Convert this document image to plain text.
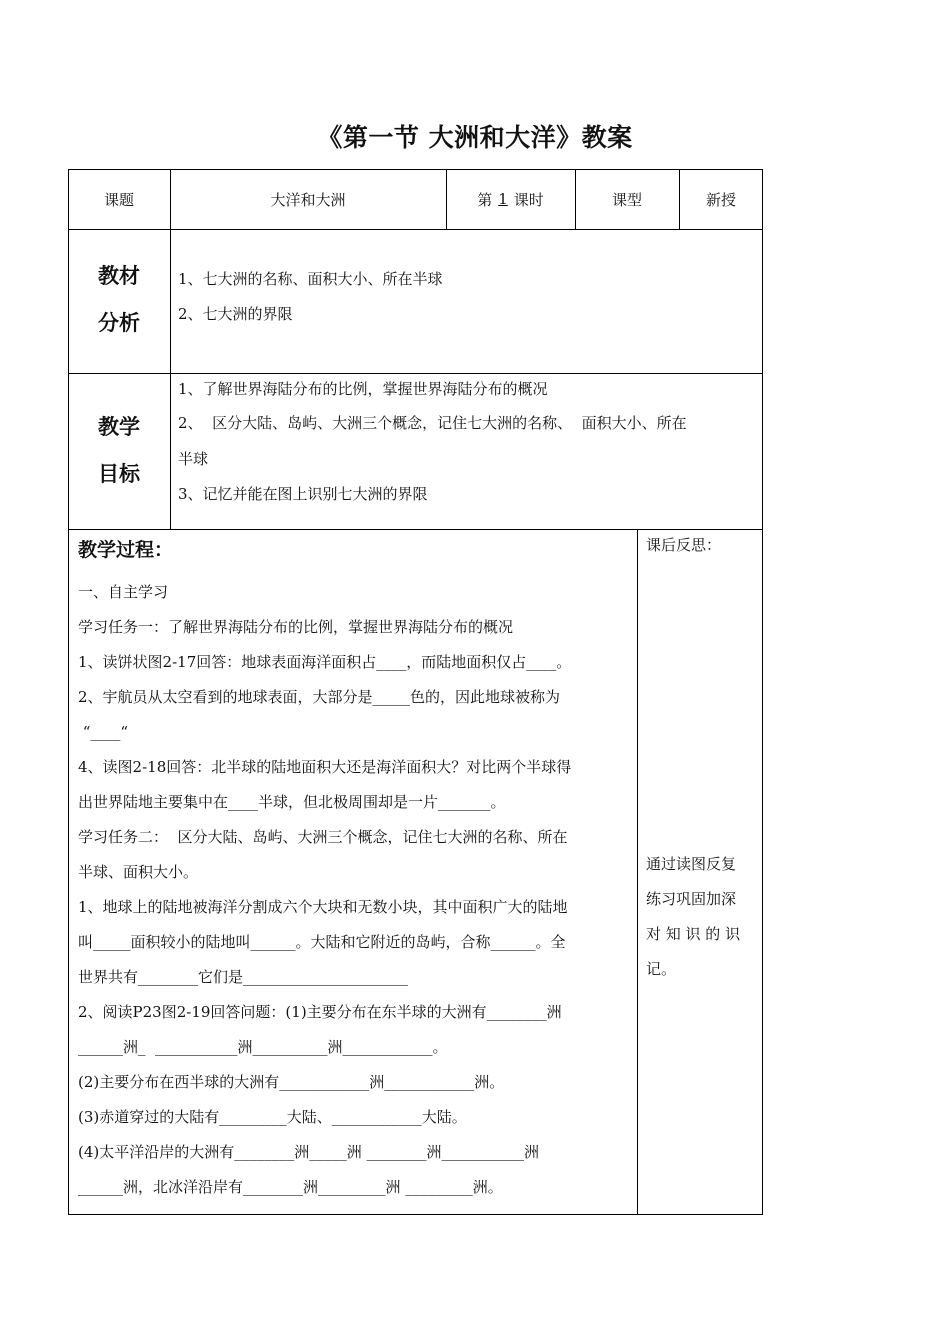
《第一节 大洲和大洋》教案
课题	大洋和大洲	第 1 课时	课型	新授
教材
分析
1、七大洲的名称、面积大小、所在半球
2、七大洲的界限
教学
目标
1、了解世界海陆分布的比例，掌握世界海陆分布的概况
2、  区分大陆、岛屿、大洲三个概念，记住七大洲的名称、  面积大小、所在
半球
3、记忆并能在图上识别七大洲的界限
教学过程：
一、自主学习
学习任务一：了解世界海陆分布的比例，掌握世界海陆分布的概况
1、读饼状图2-17回答：地球表面海洋面积占____，而陆地面积仅占____。
2、宇航员从太空看到的地球表面，大部分是_____色的，因此地球被称为
“____“
4、读图2-18回答：北半球的陆地面积大还是海洋面积大？对比两个半球得
出世界陆地主要集中在____半球，但北极周围却是一片_______。
学习任务二：  区分大陆、岛屿、大洲三个概念，记住七大洲的名称、所在
半球、面积大小。
1、地球上的陆地被海洋分割成六个大块和无数小块，其中面积广大的陆地
叫_____面积较小的陆地叫______。大陆和它附近的岛屿，合称______。全
世界共有________它们是______________________
2、阅读P23图2-19回答问题：(1)主要分布在东半球的大洲有________洲
______洲_  ___________洲__________洲____________。
(2)主要分布在西半球的大洲有____________洲____________洲。
(3)赤道穿过的大陆有_________大陆、____________大陆。
(4)太平洋沿岸的大洲有________洲_____洲 ________洲___________洲
______洲，北冰洋沿岸有________洲_________洲 _________洲。
课后反思：
通过读图反复
练习巩固加深
对 知 识 的 识
记。
